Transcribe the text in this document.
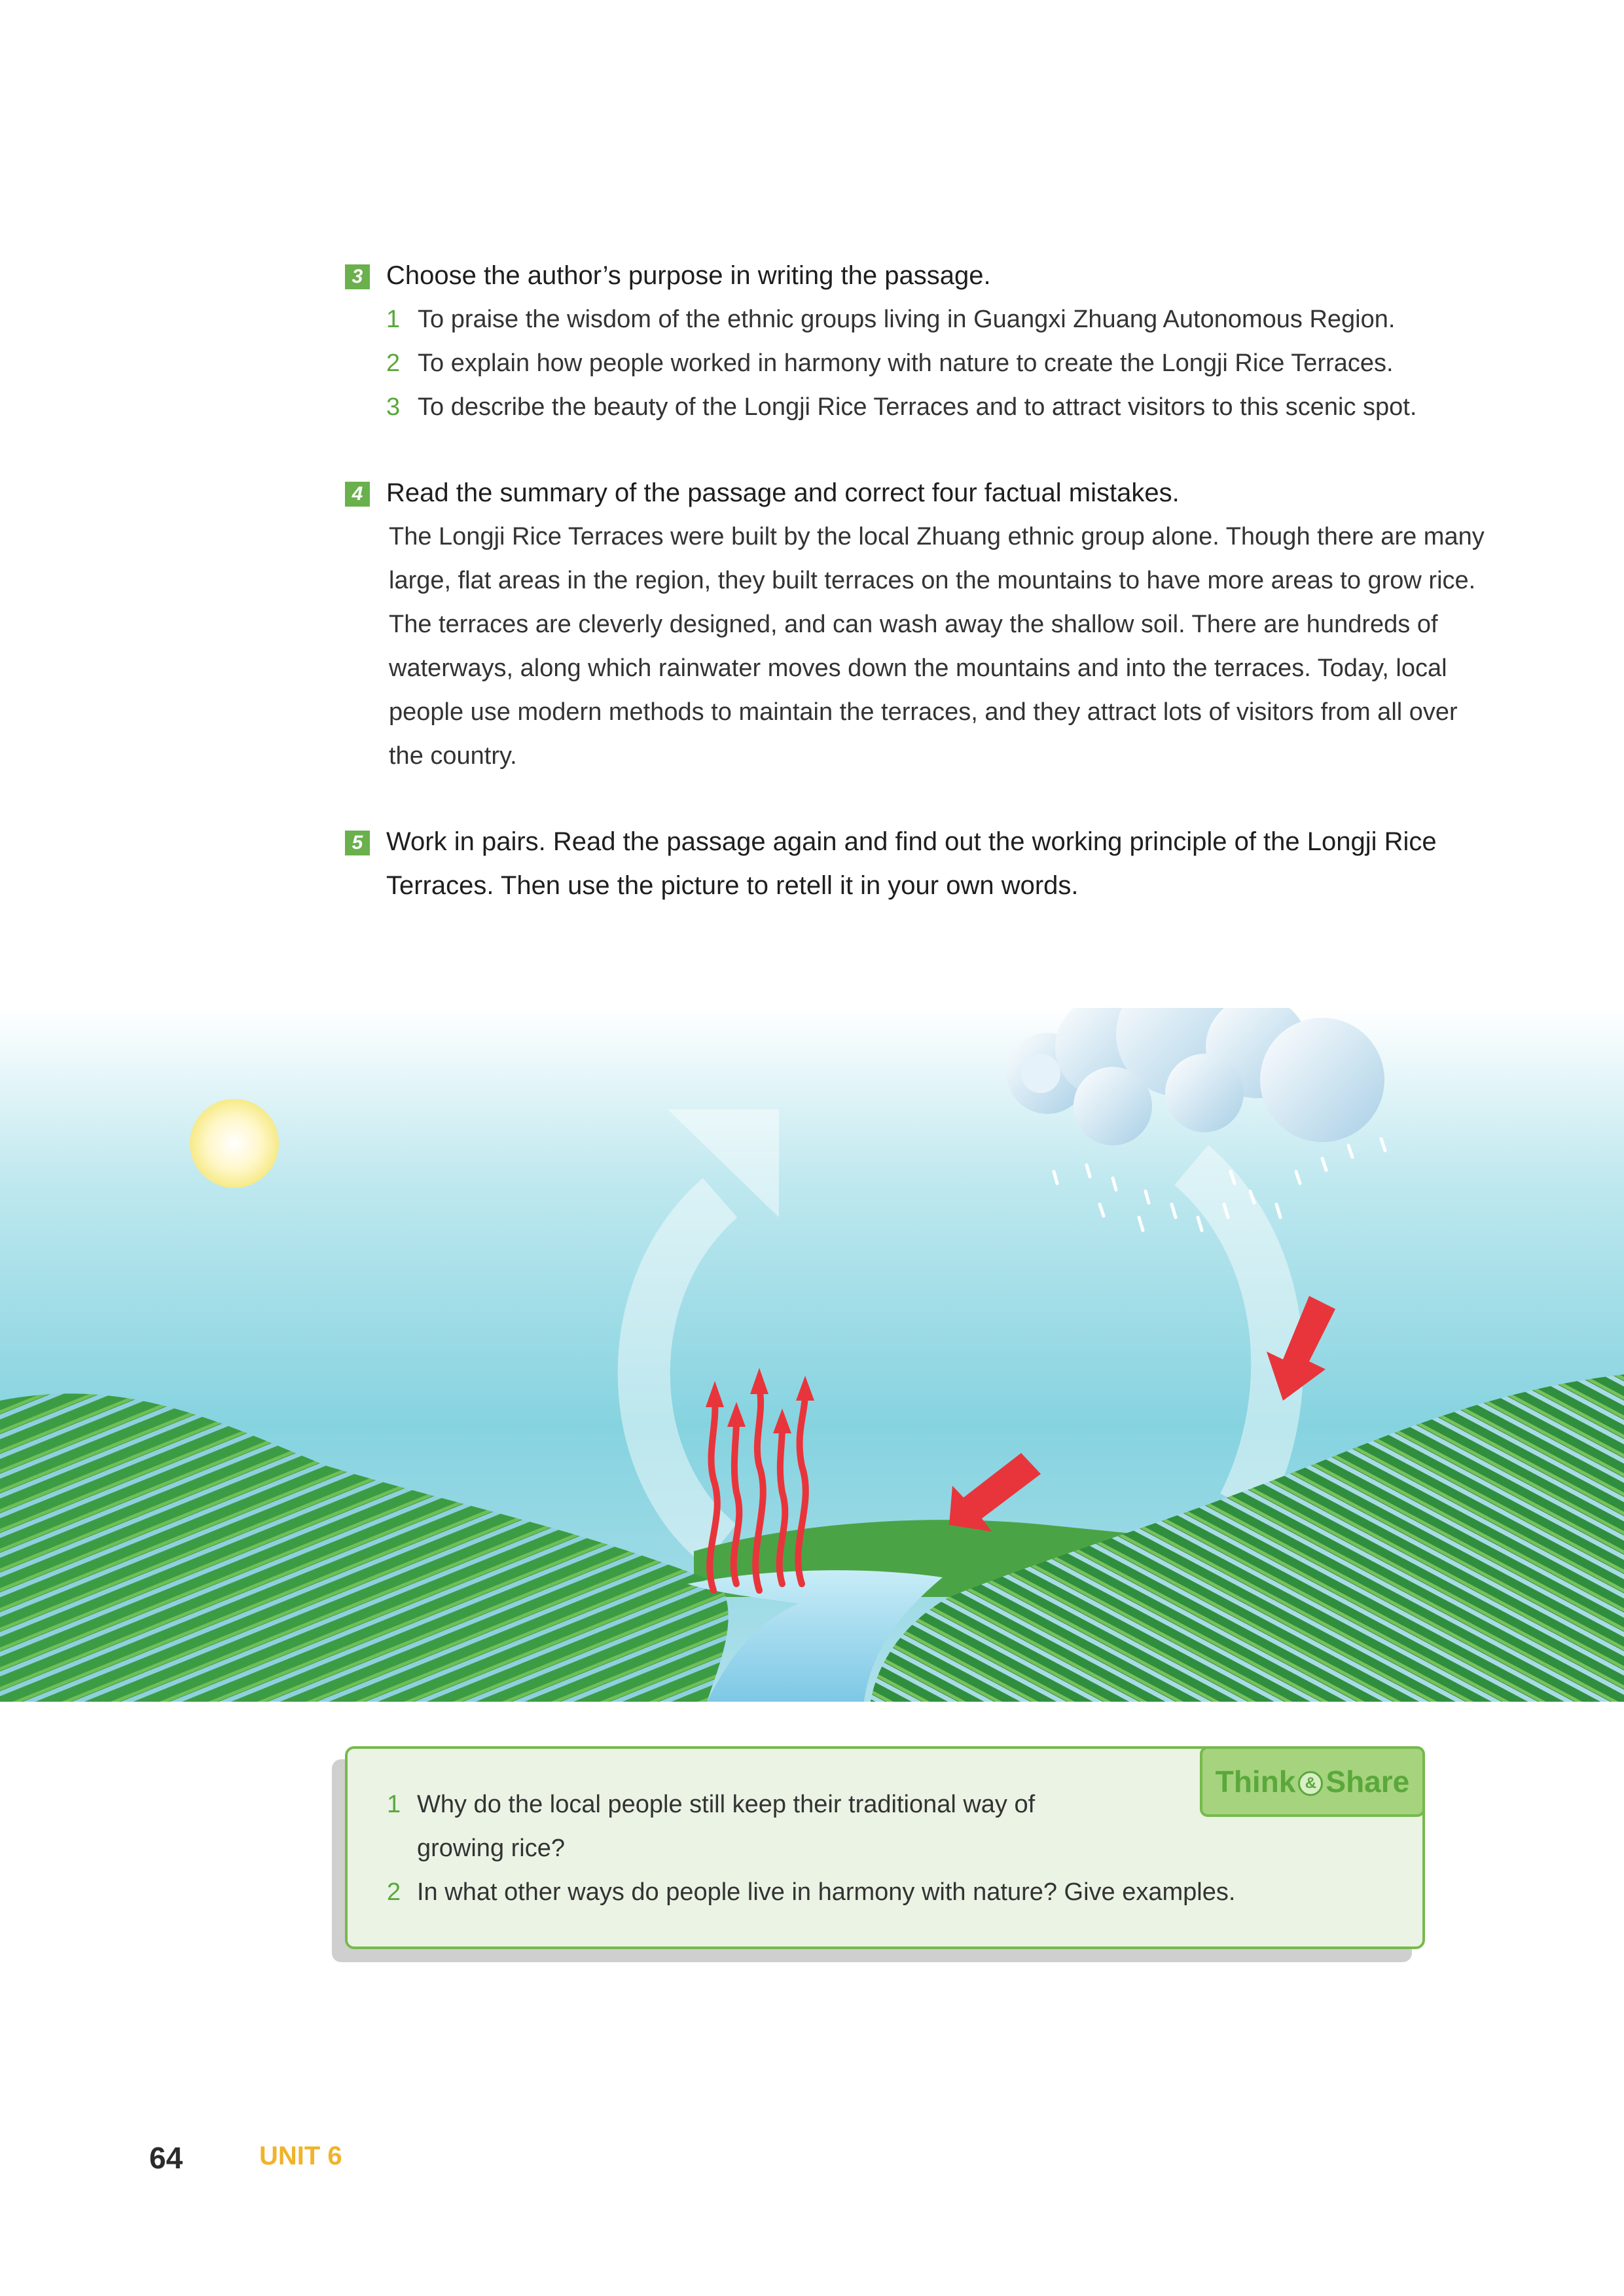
3 Choose the author’s purpose in writing the passage.
1 To praise the wisdom of the ethnic groups living in Guangxi Zhuang Autonomous Region.
2 To explain how people worked in harmony with nature to create the Longji Rice Terraces.
3 To describe the beauty of the Longji Rice Terraces and to attract visitors to this scenic spot.
4 Read the summary of the passage and correct four factual mistakes.

The Longji Rice Terraces were built by the local Zhuang ethnic group alone. Though there are many large, flat areas in the region, they built terraces on the mountains to have more areas to grow rice. The terraces are cleverly designed, and can wash away the shallow soil. There are hundreds of waterways, along which rainwater moves down the mountains and into the terraces. Today, local people use modern methods to maintain the terraces, and they attract lots of visitors from all over the country.

5 Work in pairs. Read the passage again and find out the working principle of the Longji Rice Terraces. Then use the picture to retell it in your own words.
Think & Share
1 Why do the local people still keep their traditional way of growing rice?
2 In what other ways do people live in harmony with nature? Give examples.
64	UNIT 6
